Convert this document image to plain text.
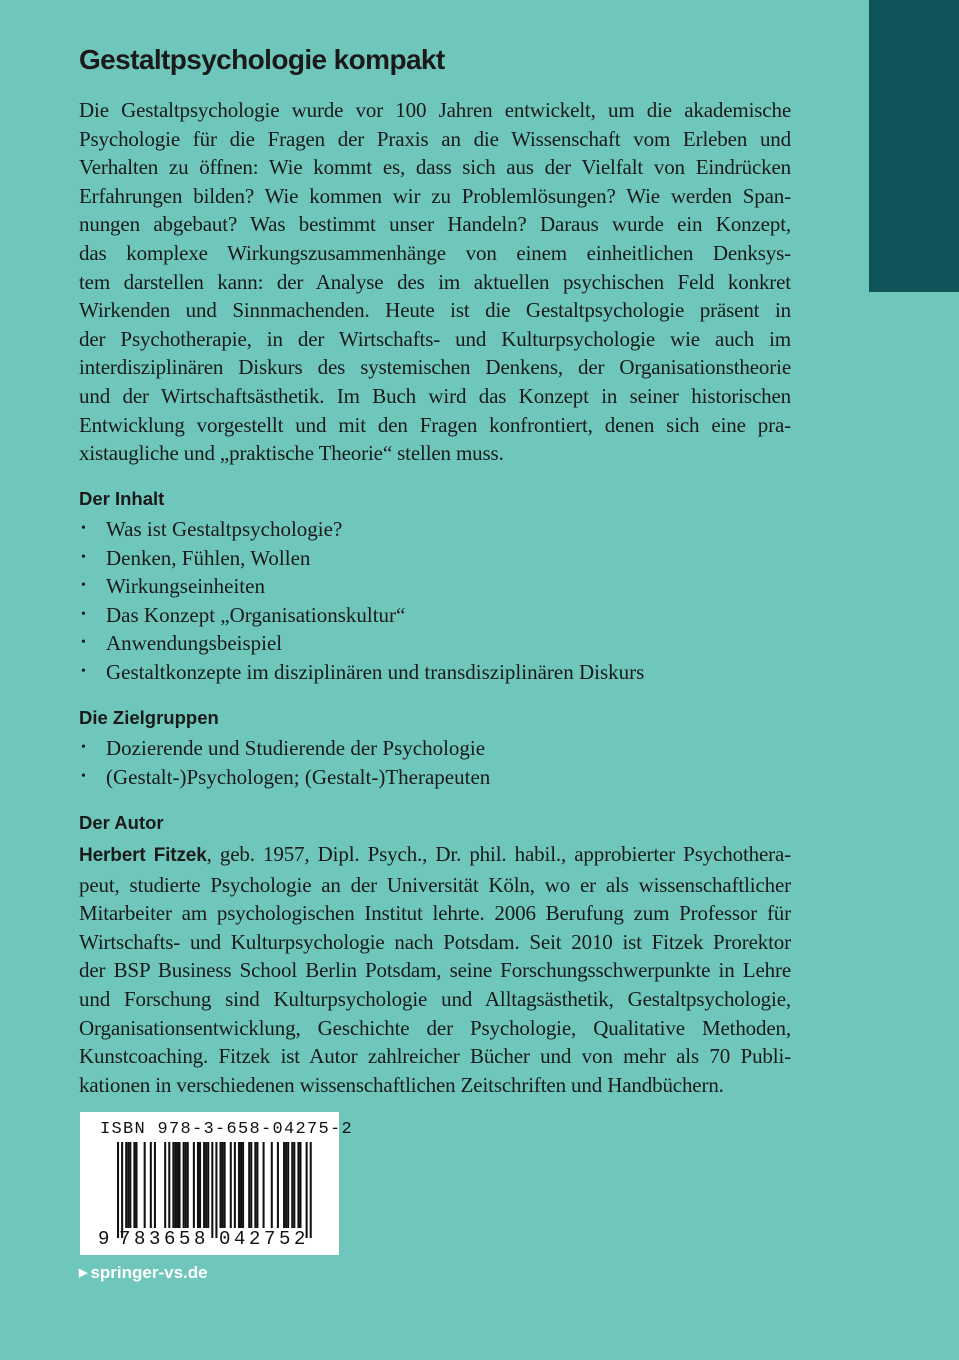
Gestaltpsychologie kompakt
Die Gestaltpsychologie wurde vor 100 Jahren entwickelt, um die akademische
Psychologie für die Fragen der Praxis an die Wissenschaft vom Erleben und
Verhalten zu öffnen: Wie kommt es, dass sich aus der Vielfalt von Eindrücken
Erfahrungen bilden? Wie kommen wir zu Problemlösungen? Wie werden Span-
nungen abgebaut? Was bestimmt unser Handeln? Daraus wurde ein Konzept,
das komplexe Wirkungszusammenhänge von einem einheitlichen Denksys-
tem darstellen kann: der Analyse des im aktuellen psychischen Feld konkret
Wirkenden und Sinnmachenden. Heute ist die Gestaltpsychologie präsent in
der Psychotherapie, in der Wirtschafts- und Kulturpsychologie wie auch im
interdisziplinären Diskurs des systemischen Denkens, der Organisationstheorie
und der Wirtschaftsästhetik. Im Buch wird das Konzept in seiner historischen
Entwicklung vorgestellt und mit den Fragen konfrontiert, denen sich eine pra-
xistaugliche und „praktische Theorie“ stellen muss.
Der Inhalt
• Was ist Gestaltpsychologie?
• Denken, Fühlen, Wollen
• Wirkungseinheiten
• Das Konzept „Organisationskultur“
• Anwendungsbeispiel
• Gestaltkonzepte im disziplinären und transdisziplinären Diskurs
Die Zielgruppen
• Dozierende und Studierende der Psychologie
• (Gestalt-)Psychologen; (Gestalt-)Therapeuten
Der Autor
Herbert Fitzek, geb. 1957, Dipl. Psych., Dr. phil. habil., approbierter Psychothera-
peut, studierte Psychologie an der Universität Köln, wo er als wissenschaftlicher
Mitarbeiter am psychologischen Institut lehrte. 2006 Berufung zum Professor für
Wirtschafts- und Kulturpsychologie nach Potsdam. Seit 2010 ist Fitzek Prorektor
der BSP Business School Berlin Potsdam, seine Forschungsschwerpunkte in Lehre
und Forschung sind Kulturpsychologie und Alltagsästhetik, Gestaltpsychologie,
Organisationsentwicklung, Geschichte der Psychologie, Qualitative Methoden,
Kunstcoaching. Fitzek ist Autor zahlreicher Bücher und von mehr als 70 Publi-
kationen in verschiedenen wissenschaftlichen Zeitschriften und Handbüchern.
ISBN 978-3-658-04275-2
9 783658 042752
▶ springer-vs.de
